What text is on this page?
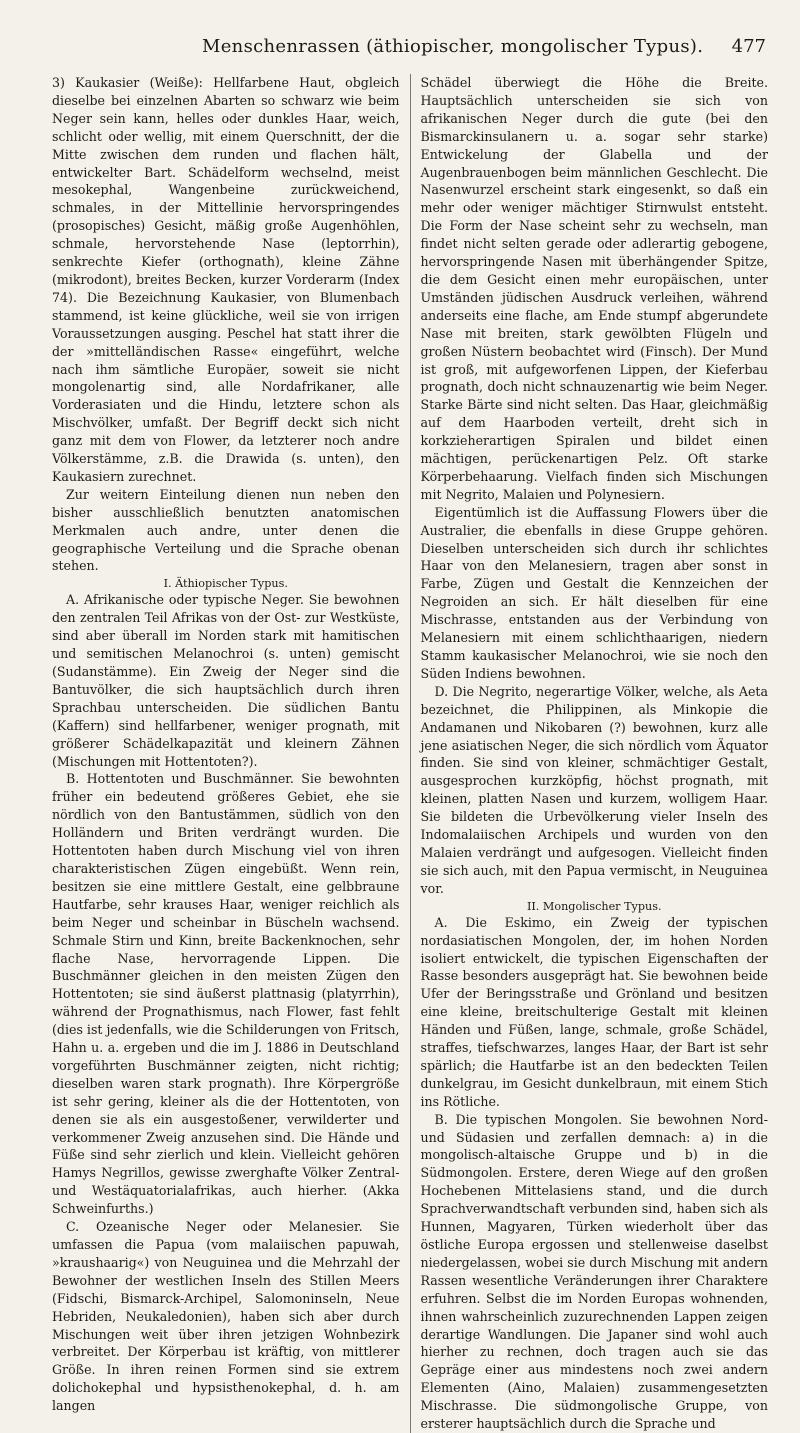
Menschenrassen (äthiopischer, mongolischer Typus). 477

3) Kaukasier (Weiße): Hellfarbene Haut, obgleich dieselbe bei einzelnen Abarten so schwarz wie beim Neger sein kann, helles oder dunkles Haar, weich, schlicht oder wellig, mit einem Querschnitt, der die Mitte zwischen dem runden und flachen hält, entwickelter Bart. Schädelform wechselnd, meist mesokephal, Wangenbeine zurückweichend, schmales, in der Mittellinie hervorspringendes (prosopisches) Gesicht, mäßig große Augenhöhlen, schmale, hervorstehende Nase (leptorrhin), senkrechte Kiefer (orthognath), kleine Zähne (mikrodont), breites Becken, kurzer Vorderarm (Index 74). Die Bezeichnung Kaukasier, von Blumenbach stammend, ist keine glückliche, weil sie von irrigen Voraussetzungen ausging. Peschel hat statt ihrer die der »mittelländischen Rasse« eingeführt, welche nach ihm sämtliche Europäer, soweit sie nicht mongolenartig sind, alle Nordafrikaner, alle Vorderasiaten und die Hindu, letztere schon als Mischvölker, umfaßt. Der Begriff deckt sich nicht ganz mit dem von Flower, da letzterer noch andre Völkerstämme, z.B. die Drawida (s. unten), den Kaukasiern zurechnet.

Zur weitern Einteilung dienen nun neben den bisher ausschließlich benutzten anatomischen Merkmalen auch andre, unter denen die geographische Verteilung und die Sprache obenan stehen.

I. Äthiopischer Typus.

A. Afrikanische oder typische Neger. Sie bewohnen den zentralen Teil Afrikas von der Ost- zur Westküste, sind aber überall im Norden stark mit hamitischen und semitischen Melanochroi (s. unten) gemischt (Sudanstämme). Ein Zweig der Neger sind die Bantuvölker, die sich hauptsächlich durch ihren Sprachbau unterscheiden. Die südlichen Bantu (Kaffern) sind hellfarbener, weniger prognath, mit größerer Schädelkapazität und kleinern Zähnen (Mischungen mit Hottentoten?).

B. Hottentoten und Buschmänner. Sie bewohnten früher ein bedeutend größeres Gebiet, ehe sie nördlich von den Bantustämmen, südlich von den Holländern und Briten verdrängt wurden. Die Hottentoten haben durch Mischung viel von ihren charakteristischen Zügen eingebüßt. Wenn rein, besitzen sie eine mittlere Gestalt, eine gelbbraune Hautfarbe, sehr krauses Haar, weniger reichlich als beim Neger und scheinbar in Büscheln wachsend. Schmale Stirn und Kinn, breite Backenknochen, sehr flache Nase, hervorragende Lippen. Die Buschmänner gleichen in den meisten Zügen den Hottentoten; sie sind äußerst plattnasig (platyrrhin), während der Prognathismus, nach Flower, fast fehlt (dies ist jedenfalls, wie die Schilderungen von Fritsch, Hahn u. a. ergeben und die im J. 1886 in Deutschland vorgeführten Buschmänner zeigten, nicht richtig; dieselben waren stark prognath). Ihre Körpergröße ist sehr gering, kleiner als die der Hottentoten, von denen sie als ein ausgestoßener, verwilderter und verkommener Zweig anzusehen sind. Die Hände und Füße sind sehr zierlich und klein. Vielleicht gehören Hamys Negrillos, gewisse zwerghafte Völker Zentral- und Westäquatorialafrikas, auch hierher. (Akka Schweinfurths.)

C. Ozeanische Neger oder Melanesier. Sie umfassen die Papua (vom malaiischen papuwah, »kraushaarig«) von Neuguinea und die Mehrzahl der Bewohner der westlichen Inseln des Stillen Meers (Fidschi, Bismarck-Archipel, Salomoninseln, Neue Hebriden, Neukaledonien), haben sich aber durch Mischungen weit über ihren jetzigen Wohnbezirk verbreitet. Der Körperbau ist kräftig, von mittlerer Größe. In ihren reinen Formen sind sie extrem dolichokephal und hypsisthenokephal, d. h. am langen

Schädel überwiegt die Höhe die Breite. Hauptsächlich unterscheiden sie sich von afrikanischen Neger durch die gute (bei den Bismarckinsulanern u. a. sogar sehr starke) Entwickelung der Glabella und der Augenbrauenbogen beim männlichen Geschlecht. Die Nasenwurzel erscheint stark eingesenkt, so daß ein mehr oder weniger mächtiger Stirnwulst entsteht. Die Form der Nase scheint sehr zu wechseln, man findet nicht selten gerade oder adlerartig gebogene, hervorspringende Nasen mit überhängender Spitze, die dem Gesicht einen mehr europäischen, unter Umständen jüdischen Ausdruck verleihen, während anderseits eine flache, am Ende stumpf abgerundete Nase mit breiten, stark gewölbten Flügeln und großen Nüstern beobachtet wird (Finsch). Der Mund ist groß, mit aufgeworfenen Lippen, der Kieferbau prognath, doch nicht schnauzenartig wie beim Neger. Starke Bärte sind nicht selten. Das Haar, gleichmäßig auf dem Haarboden verteilt, dreht sich in korkzieherartigen Spiralen und bildet einen mächtigen, perückenartigen Pelz. Oft starke Körperbehaarung. Vielfach finden sich Mischungen mit Negrito, Malaien und Polynesiern.

Eigentümlich ist die Auffassung Flowers über die Australier, die ebenfalls in diese Gruppe gehören. Dieselben unterscheiden sich durch ihr schlichtes Haar von den Melanesiern, tragen aber sonst in Farbe, Zügen und Gestalt die Kennzeichen der Negroiden an sich. Er hält dieselben für eine Mischrasse, entstanden aus der Verbindung von Melanesiern mit einem schlichthaarigen, niedern Stamm kaukasischer Melanochroi, wie sie noch den Süden Indiens bewohnen.

D. Die Negrito, negerartige Völker, welche, als Aeta bezeichnet, die Philippinen, als Minkopie die Andamanen und Nikobaren (?) bewohnen, kurz alle jene asiatischen Neger, die sich nördlich vom Äquator finden. Sie sind von kleiner, schmächtiger Gestalt, ausgesprochen kurzköpfig, höchst prognath, mit kleinen, platten Nasen und kurzem, wolligem Haar. Sie bildeten die Urbevölkerung vieler Inseln des Indomalaiischen Archipels und wurden von den Malaien verdrängt und aufgesogen. Vielleicht finden sie sich auch, mit den Papua vermischt, in Neuguinea vor.

II. Mongolischer Typus.

A. Die Eskimo, ein Zweig der typischen nordasiatischen Mongolen, der, im hohen Norden isoliert entwickelt, die typischen Eigenschaften der Rasse besonders ausgeprägt hat. Sie bewohnen beide Ufer der Beringsstraße und Grönland und besitzen eine kleine, breitschulterige Gestalt mit kleinen Händen und Füßen, lange, schmale, große Schädel, straffes, tiefschwarzes, langes Haar, der Bart ist sehr spärlich; die Hautfarbe ist an den bedeckten Teilen dunkelgrau, im Gesicht dunkelbraun, mit einem Stich ins Rötliche.

B. Die typischen Mongolen. Sie bewohnen Nord- und Südasien und zerfallen demnach: a) in die mongolisch-altaische Gruppe und b) in die Südmongolen. Erstere, deren Wiege auf den großen Hochebenen Mittelasiens stand, und die durch Sprachverwandtschaft verbunden sind, haben sich als Hunnen, Magyaren, Türken wiederholt über das östliche Europa ergossen und stellenweise daselbst niedergelassen, wobei sie durch Mischung mit andern Rassen wesentliche Veränderungen ihrer Charaktere erfuhren. Selbst die im Norden Europas wohnenden, ihnen wahrscheinlich zuzurechnenden Lappen zeigen derartige Wandlungen. Die Japaner sind wohl auch hierher zu rechnen, doch tragen auch sie das Gepräge einer aus mindestens noch zwei andern Elementen (Aino, Malaien) zusammengesetzten Mischrasse. Die südmongolische Gruppe, von ersterer hauptsächlich durch die Sprache und
